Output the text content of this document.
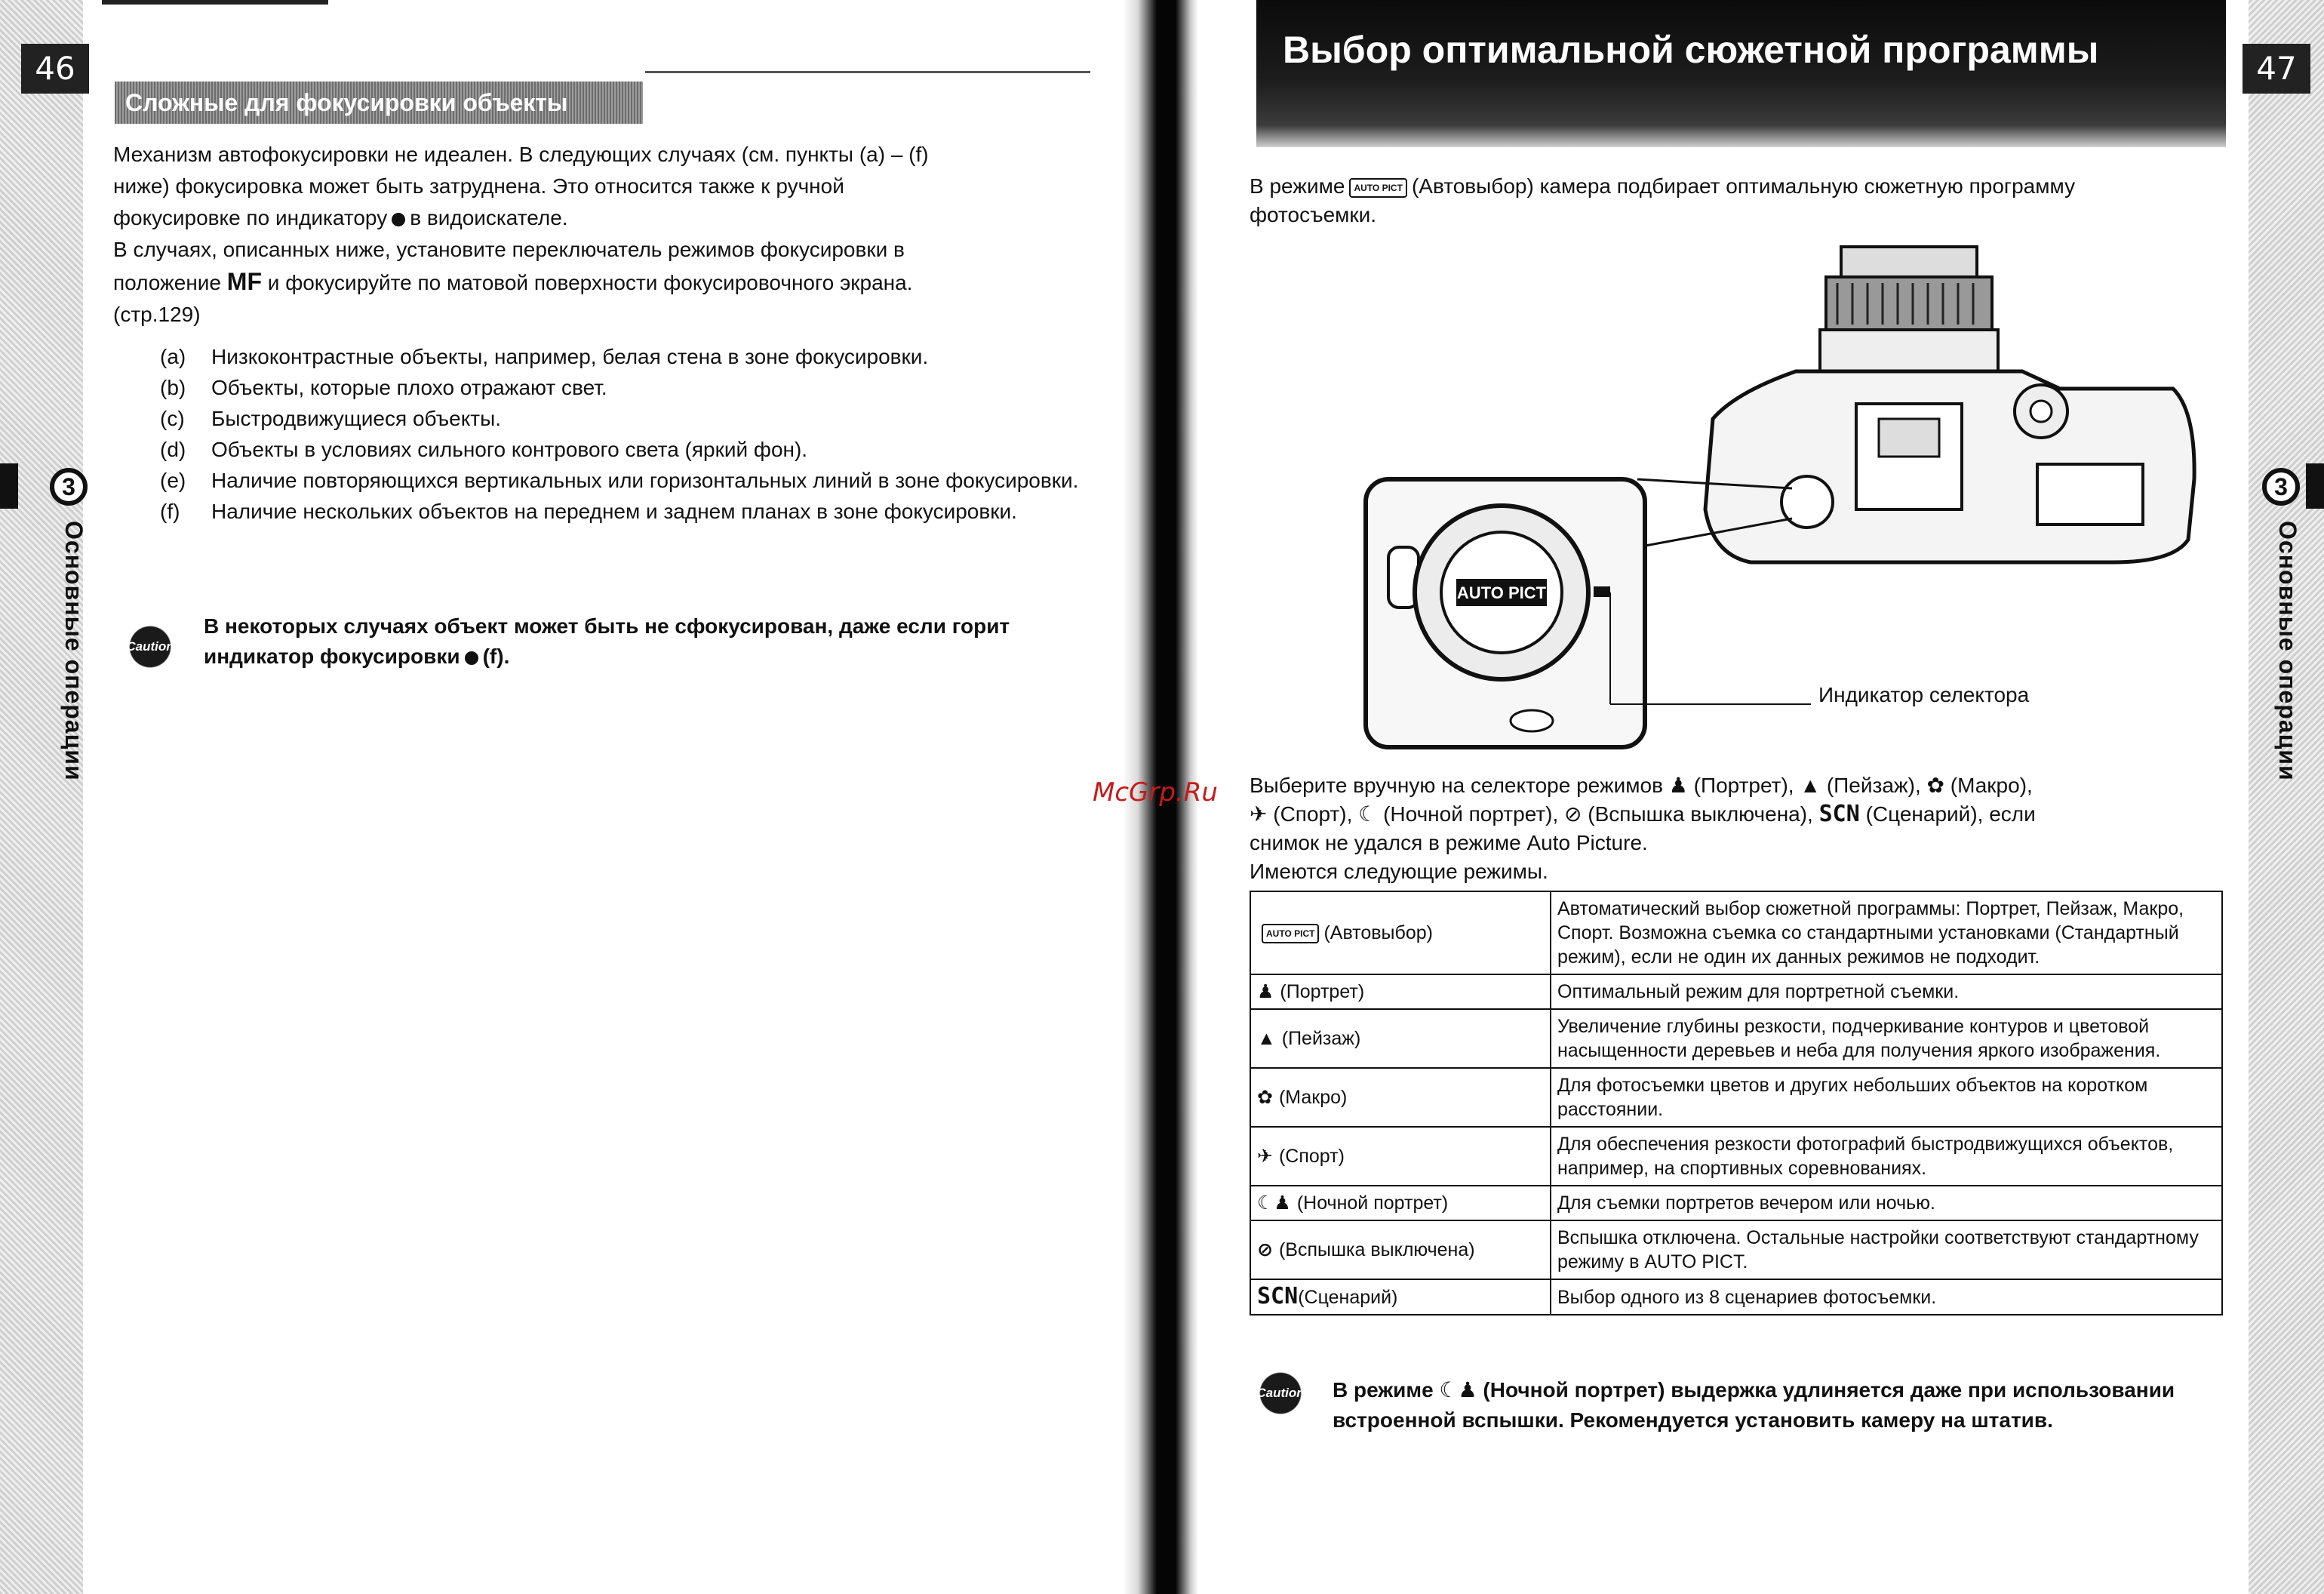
46
3
Основные операции
Сложные для фокусировки объекты
Механизм автофокусировки не идеален. В следующих случаях (см. пункты (a) – (f)
ниже) фокусировка может быть затруднена. Это относится также к ручной
фокусировке по индикатору в видоискателе.
В случаях, описанных ниже, установите переключатель режимов фокусировки в
положение MF и фокусируйте по матовой поверхности фокусировочного экрана.
(стр.129)
(a) Низкоконтрастные объекты, например, белая стена в зоне фокусировки.
(b) Объекты, которые плохо отражают свет.
(c) Быстродвижущиеся объекты.
(d) Объекты в условиях сильного контрового света (яркий фон).
(e) Наличие повторяющихся вертикальных или горизонтальных линий в зоне фокусировки.
(f) Наличие нескольких объектов на переднем и заднем планах в зоне фокусировки.
Caution
В некоторых случаях объект может быть не сфокусирован, даже если горит
индикатор фокусировки (f).
Выбор оптимальной сюжетной программы	47
3
Основные операции
В режиме AUTO PICT (Автовыбор) камера подбирает оптимальную сюжетную программу
фотосъемки.
AUTO PICT
Индикатор селектора
McGrp.Ru Выберите вручную на селекторе режимов ♟ (Портрет), ▲ (Пейзаж), ✿ (Макро),
✈ (Спорт), ☾ (Ночной портрет), ⊘ (Вспышка выключена), SCN (Сценарий), если
снимок не удался в режиме Auto Picture.
Имеются следующие режимы.
AUTO PICT (Автовыбор)	Автоматический выбор сюжетной программы: Портрет, Пейзаж, Макро, Спорт. Возможна съемка со стандартными установками (Стандартный режим), если не один их данных режимов не подходит.
♟ (Портрет)	Оптимальный режим для портретной съемки.
▲ (Пейзаж)	Увеличение глубины резкости, подчеркивание контуров и цветовой насыщенности деревьев и неба для получения яркого изображения.
✿ (Макро)	Для фотосъемки цветов и других небольших объектов на коротком расстоянии.
✈ (Спорт)	Для обеспечения резкости фотографий быстродвижущихся объектов, например, на спортивных соревнованиях.
☾♟ (Ночной портрет)	Для съемки портретов вечером или ночью.
⊘ (Вспышка выключена)	Вспышка отключена. Остальные настройки соответствуют стандартному режиму в AUTO PICT.
SCN(Сценарий)	Выбор одного из 8 сценариев фотосъемки.
Caution В режиме ☾♟ (Ночной портрет) выдержка удлиняется даже при использовании
встроенной вспышки. Рекомендуется установить камеру на штатив.
